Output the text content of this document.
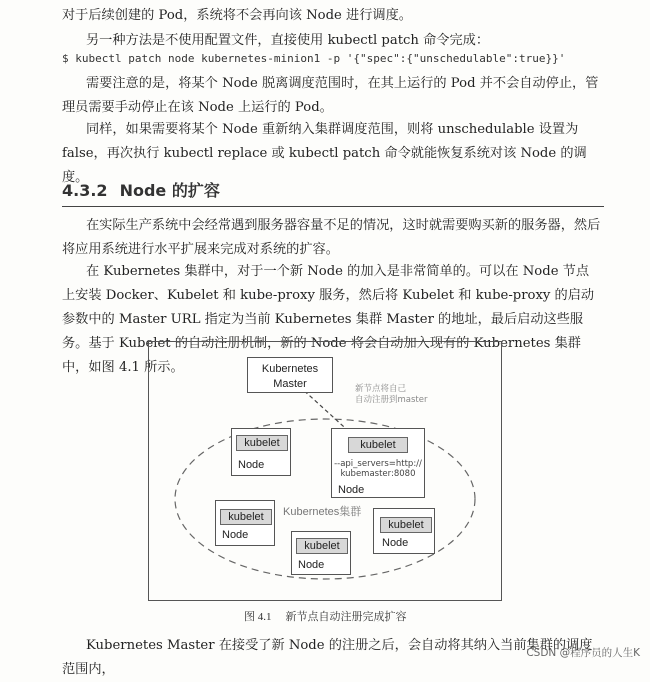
对于后续创建的 Pod，系统将不会再向该 Node 进行调度。

另一种方法是不使用配置文件，直接使用 kubectl patch 命令完成：

$ kubectl patch node kubernetes-minion1 -p '{"spec":{"unschedulable":true}}'

需要注意的是，将某个 Node 脱离调度范围时，在其上运行的 Pod 并不会自动停止，管理员需要手动停止在该 Node 上运行的 Pod。

同样，如果需要将某个 Node 重新纳入集群调度范围，则将 unschedulable 设置为 false，再次执行 kubectl replace 或 kubectl patch 命令就能恢复系统对该 Node 的调度。

4.3.2 Node 的扩容

在实际生产系统中会经常遇到服务器容量不足的情况，这时就需要购买新的服务器，然后将应用系统进行水平扩展来完成对系统的扩容。

在 Kubernetes 集群中，对于一个新 Node 的加入是非常简单的。可以在 Node 节点上安装 Docker、Kubelet 和 kube-proxy 服务，然后将 Kubelet 和 kube-proxy 的启动参数中的 Master URL 指定为当前 Kubernetes 集群 Master 的地址，最后启动这些服务。基于 Kubelet 的自动注册机制，新的 Node 将会自动加入现有的 Kubernetes 集群中，如图 4.1 所示。	Kubernetes
Master	新节点将自己
自动注册到master
kubelet
Node
kubelet
--api_servers=http://
kubemaster:8080
Node
kubelet
Node
Kubernetes集群
kubelet
Node
kubelet
Node
图 4.1 新节点自动注册完成扩容

Kubernetes Master 在接受了新 Node 的注册之后，会自动将其纳入当前集群的调度范围内，

CSDN @程序员的人生K
